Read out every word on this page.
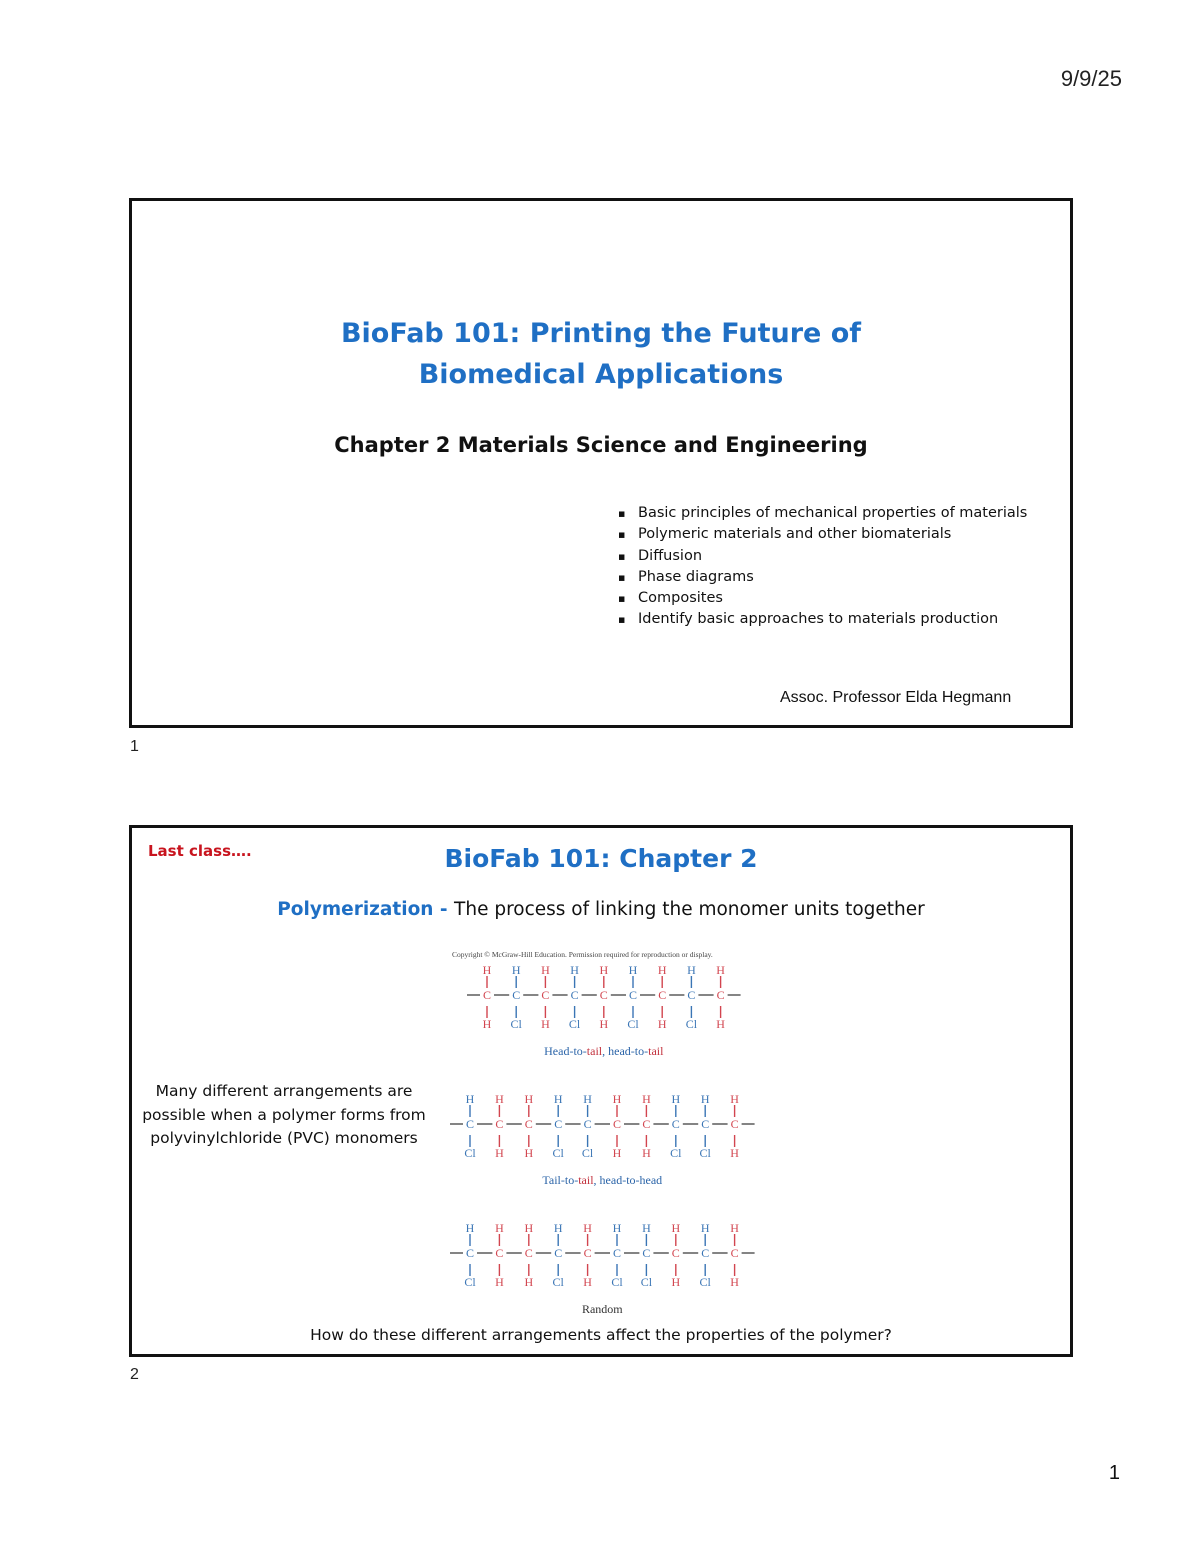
9/9/25
BioFab 101: Printing the Future of
Biomedical Applications
Chapter 2 Materials Science and Engineering
▪ Basic principles of mechanical properties of materials
▪ Polymeric materials and other biomaterials
▪ Diffusion
▪ Phase diagrams
▪ Composites
▪ Identify basic approaches to materials production
Assoc. Professor Elda Hegmann
1
Last class….	BioFab 101: Chapter 2
Polymerization - The process of linking the monomer units together
Copyright © McGraw-Hill Education. Permission required for reproduction or display.
H
C
H
H
C
Cl
H
C
H
H
C
Cl
H
C
H
H
C
Cl
H
C
H
H
C
Cl
H
C
H
Head-to-tail, head-to-tail
H
C
Cl
H
C
H
H
C
H
H
C
Cl
H
C
Cl
H
C
H
H
C
H
H
C
Cl
H
C
Cl
H
C
H
Tail-to-tail, head-to-head
H
C
Cl
H
C
H
H
C
H
H
C
Cl
H
C
H
H
C
Cl
H
C
Cl
H
C
H
H
C
Cl
H
C
H
Random
Many different arrangements are possible when a polymer forms from polyvinylchloride (PVC) monomers
How do these different arrangements affect the properties of the polymer?
2
1
